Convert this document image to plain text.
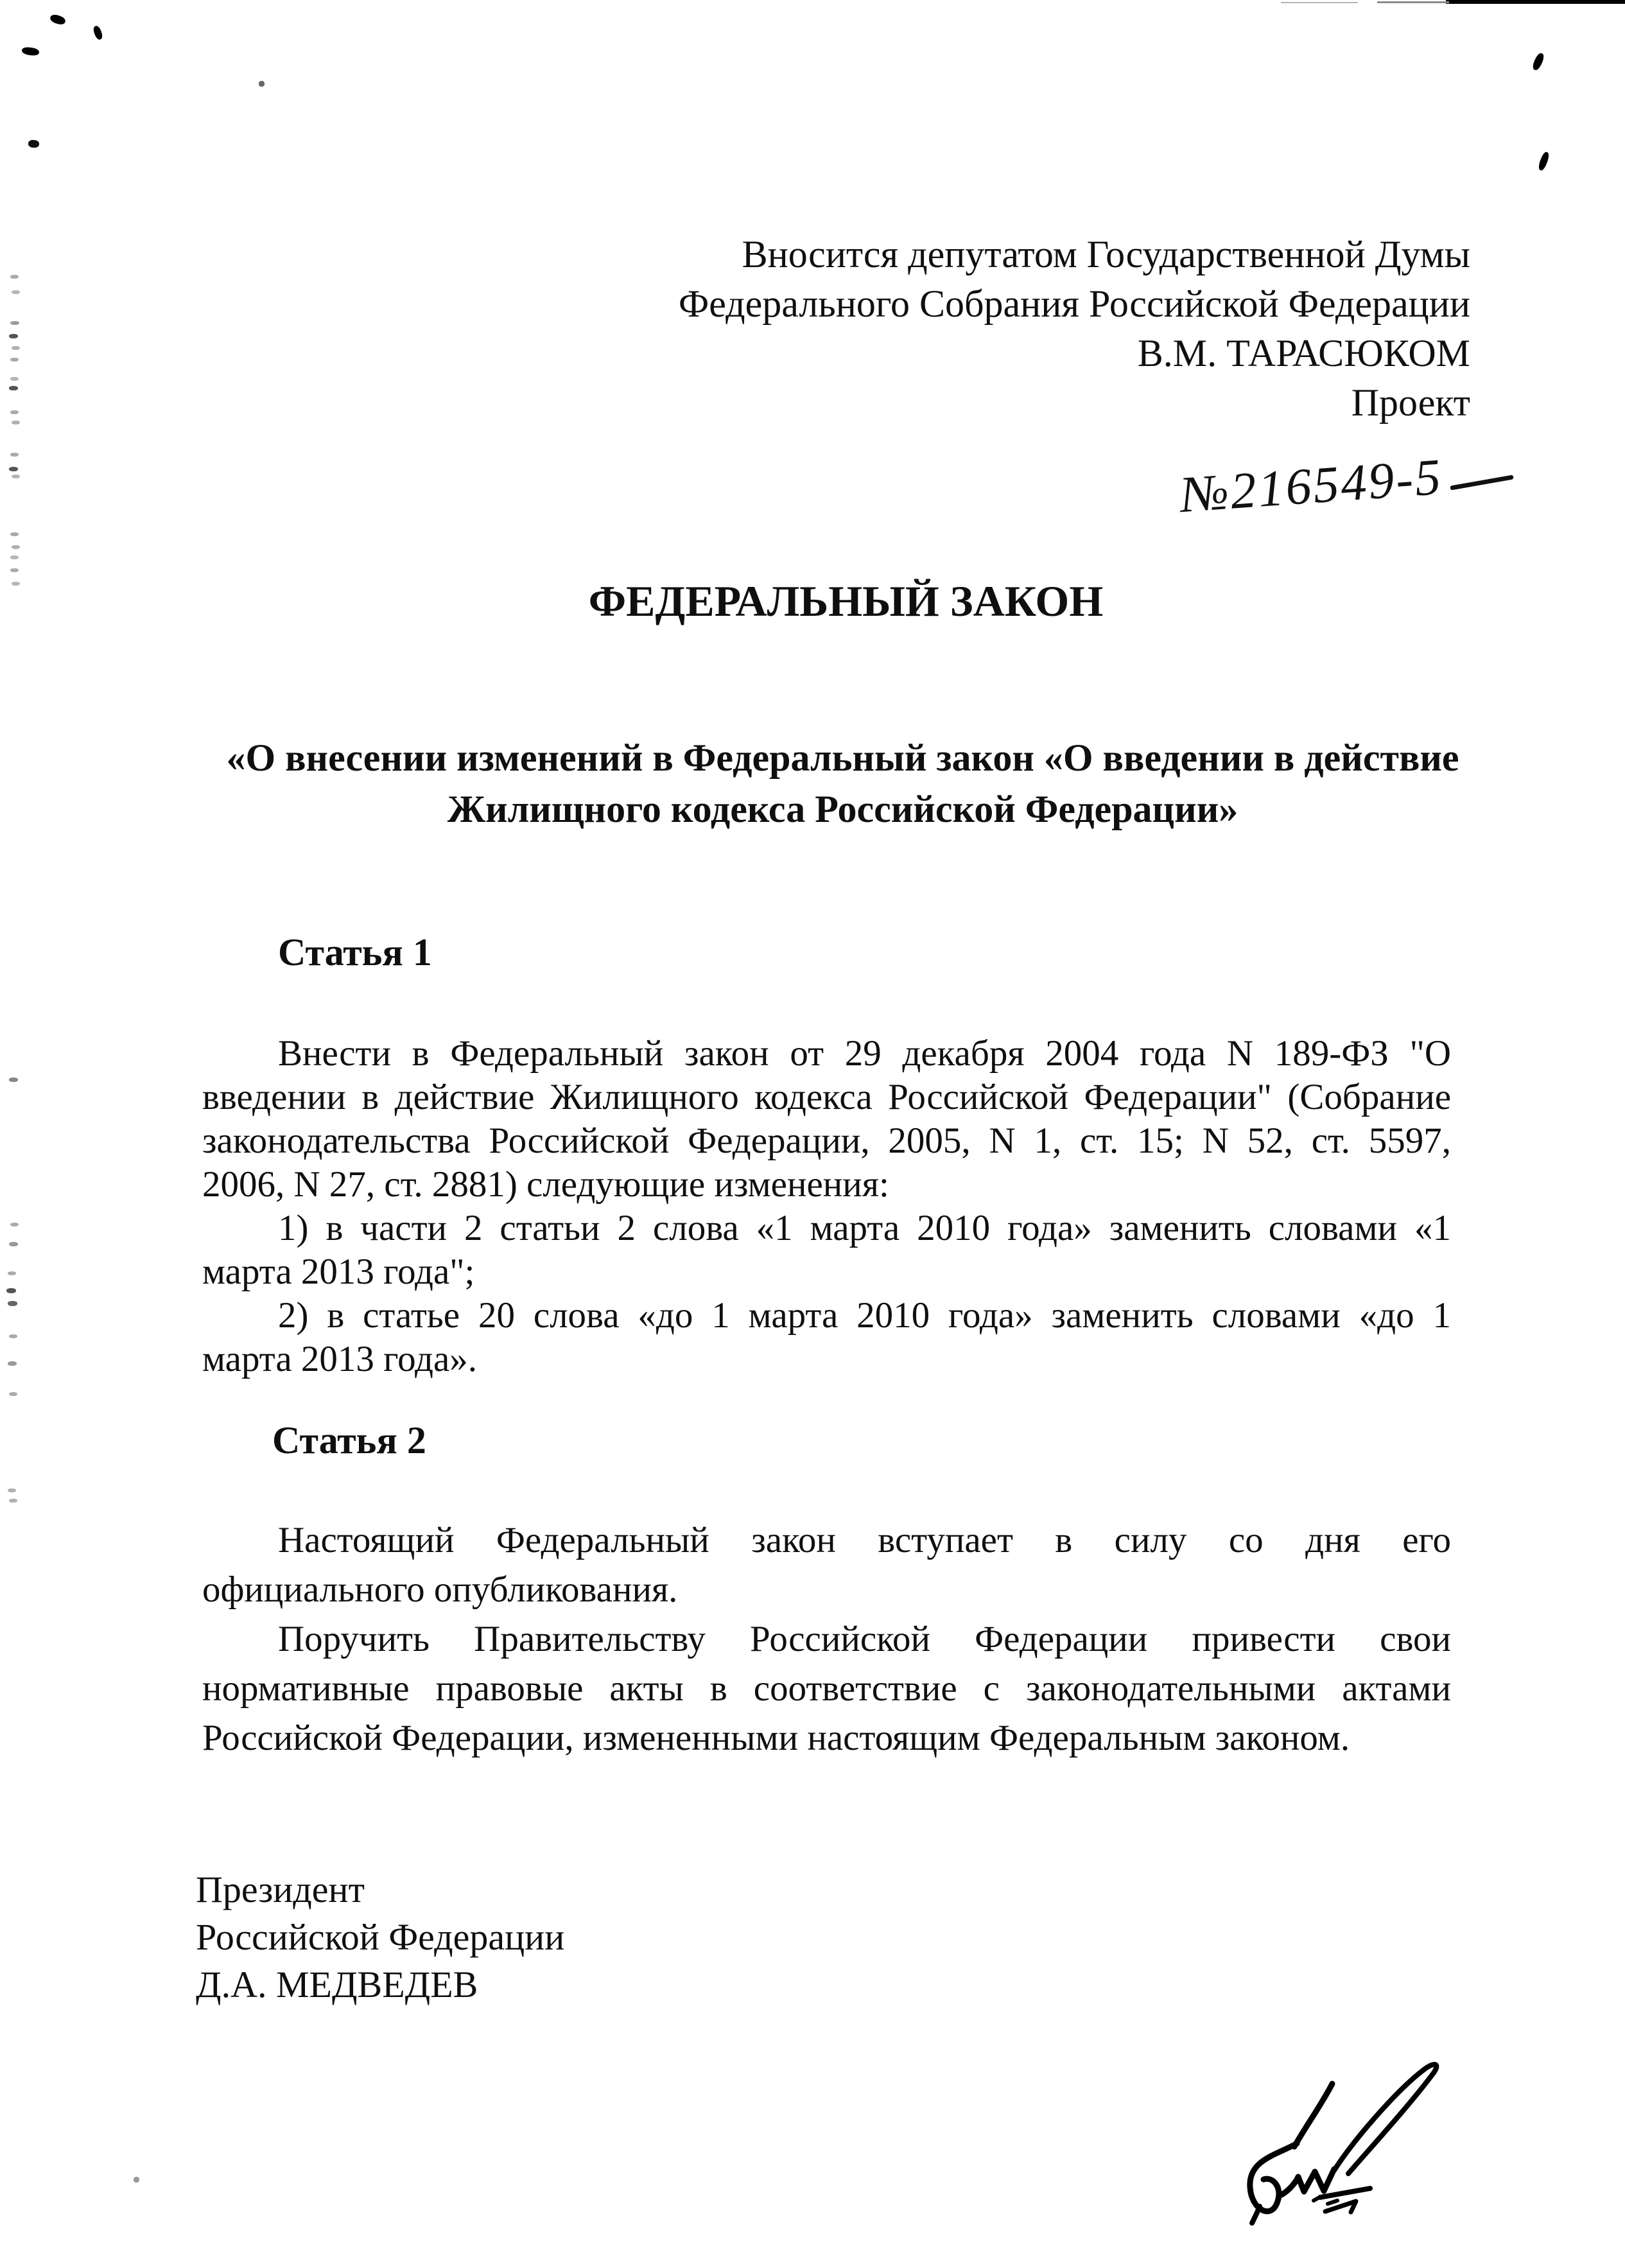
Вносится депутатом Государственной Думы
Федерального Собрания Российской Федерации
В.М. ТАРАСЮКОМ
Проект
№216549-5
ФЕДЕРАЛЬНЫЙ ЗАКОН
«О внесении изменений в Федеральный закон «О введении в действие
Жилищного кодекса Российской Федерации»
Статья 1
Внести в Федеральный закон от 29 декабря 2004 года N 189-ФЗ "О
введении в действие Жилищного кодекса Российской Федерации" (Собрание
законодательства Российской Федерации, 2005, N 1, ст. 15; N 52, ст. 5597,
2006, N 27, ст. 2881) следующие изменения:
1) в части 2 статьи 2 слова «1 марта 2010 года» заменить словами «1
марта 2013 года";
2) в статье 20 слова «до 1 марта 2010 года» заменить словами «до 1
марта 2013 года».
Статья 2
Настоящий Федеральный закон вступает в силу со дня его
официального опубликования.
Поручить Правительству Российской Федерации привести свои
нормативные правовые акты в соответствие с законодательными актами
Российской Федерации, измененными настоящим Федеральным законом.
Президент
Российской Федерации
Д.А. МЕДВЕДЕВ
